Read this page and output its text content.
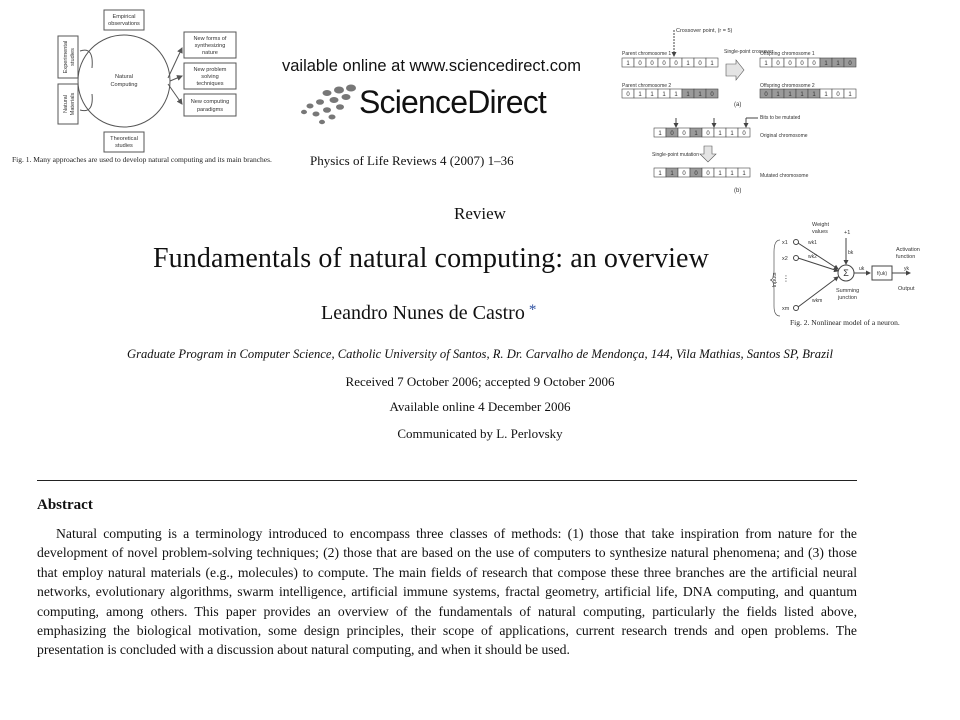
Natural
Computing
Empirical
observations
Theoretical
studies
Experimental studies
Natural Materials
New forms of
synthesizing
nature
New problem
solving
techniques
New computing
paradigms
Fig. 1. Many approaches are used to develop natural computing and its main branches.
vailable online at www.sciencedirect.com
ScienceDirect
Physics of Life Reviews 4 (2007) 1–36
1 0 0 0 0 1 0 1
0 1 1 1 1 1 1 0
1 0 0 0 0 1 1 0
0 1 1 1 1 1 0 1
1 0 0 1 0 1 1 0
1 1 0 0 0 1 1 1
Crossover point, (r = 5)
Parent chromosome 1
Parent chromosome 2
Single-point crossover
Offspring chromosome 1
Offspring chromosome 2
(a)
Bits to be mutated
Original chromosome
Single-point mutation
Mutated chromosome
(b)
Weight
values	+1
Inputs
x1
x2
⋮
xm
wk1
wk2
wkm
bk
Σ
Summing
junction
uk
f(uk)
Activation
function
yk
Output
Fig. 2. Nonlinear model of a neuron.
Review
Fundamentals of natural computing: an overview
Leandro Nunes de Castro *
Graduate Program in Computer Science, Catholic University of Santos, R. Dr. Carvalho de Mendonça, 144, Vila Mathias, Santos SP, Brazil
Received 7 October 2006; accepted 9 October 2006
Available online 4 December 2006
Communicated by L. Perlovsky
Abstract
Natural computing is a terminology introduced to encompass three classes of methods: (1) those that take inspiration from nature for the development of novel problem-solving techniques; (2) those that are based on the use of computers to synthesize natural phenomena; and (3) those that employ natural materials (e.g., molecules) to compute. The main fields of research that compose these three branches are the artificial neural networks, evolutionary algorithms, swarm intelligence, artificial immune systems, fractal geometry, artificial life, DNA computing, and quantum computing, among others. This paper provides an overview of the fundamentals of natural computing, particularly the fields listed above, emphasizing the biological motivation, some design principles, their scope of applications, current research trends and open problems. The presentation is concluded with a discussion about natural computing, and when it should be used.
